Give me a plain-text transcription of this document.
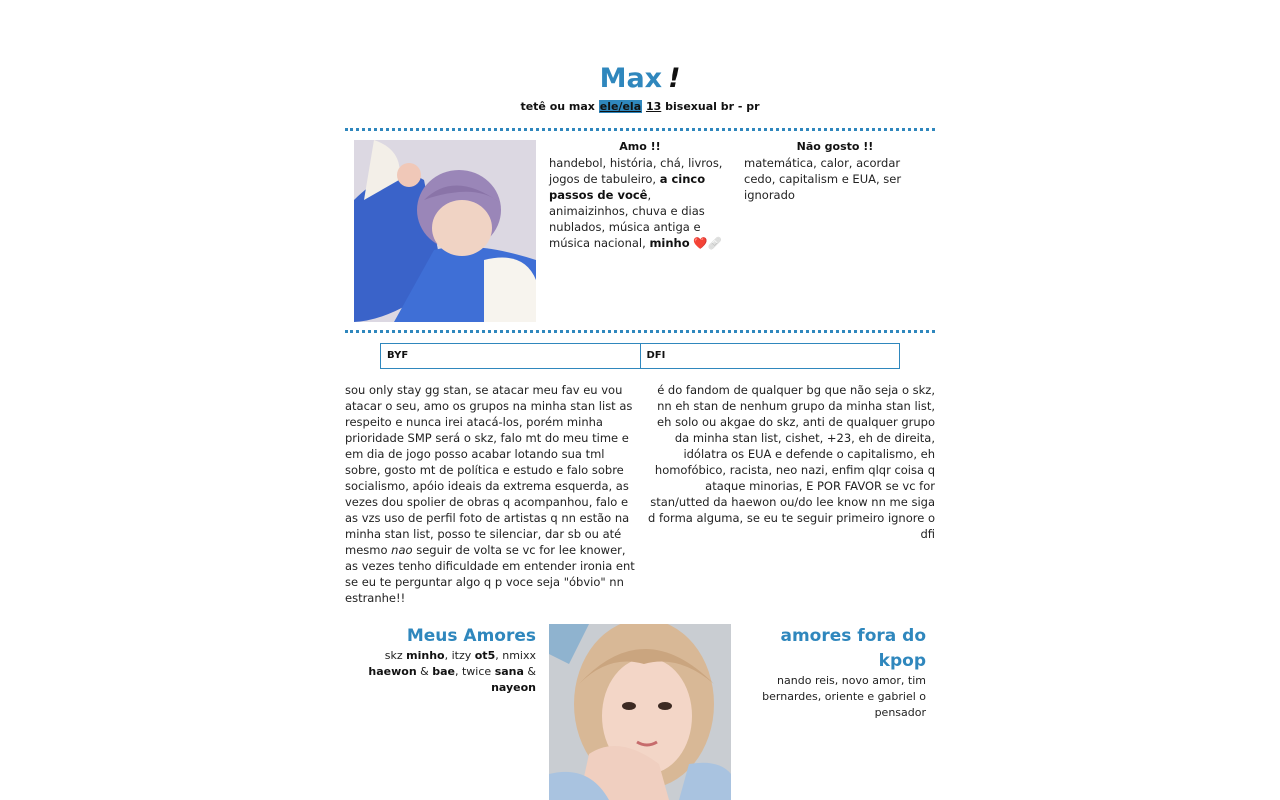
Max !
tetê ou max ele/ela 13 bisexual br - pr
Amo !!
handebol, história, chá, livros, jogos de tabuleiro, a cinco passos de você, animaizinhos, chuva e dias nublados, música antiga e música nacional, minho ❤️🩹
Não gosto !!
matemática, calor, acordar cedo, capitalism e EUA, ser ignorado
BYF	DFI
sou only stay gg stan, se atacar meu fav eu vou atacar o seu, amo os grupos na minha stan list as respeito e nunca irei atacá-los, porém minha prioridade SMP será o skz, falo mt do meu time e em dia de jogo posso acabar lotando sua tml sobre, gosto mt de política e estudo e falo sobre socialismo, apóio ideais da extrema esquerda, as vezes dou spolier de obras q acompanhou, falo e as vzs uso de perfil foto de artistas q nn estão na minha stan list, posso te silenciar, dar sb ou até mesmo nao seguir de volta se vc for lee knower, as vezes tenho dificuldade em entender ironia ent se eu te perguntar algo q p voce seja "óbvio" nn estranhe!!
é do fandom de qualquer bg que não seja o skz, nn eh stan de nenhum grupo da minha stan list, eh solo ou akgae do skz, anti de qualquer grupo da minha stan list, cishet, +23, eh de direita, idólatra os EUA e defende o capitalismo, eh homofóbico, racista, neo nazi, enfim qlqr coisa q ataque minorias, E POR FAVOR se vc for stan/utted da haewon ou/do lee know nn me siga d forma alguma, se eu te seguir primeiro ignore o dfi
Meus Amores
skz minho, itzy ot5, nmixx haewon & bae, twice sana & nayeon
amores fora do kpop
nando reis, novo amor, tim bernardes, oriente e gabriel o pensador
